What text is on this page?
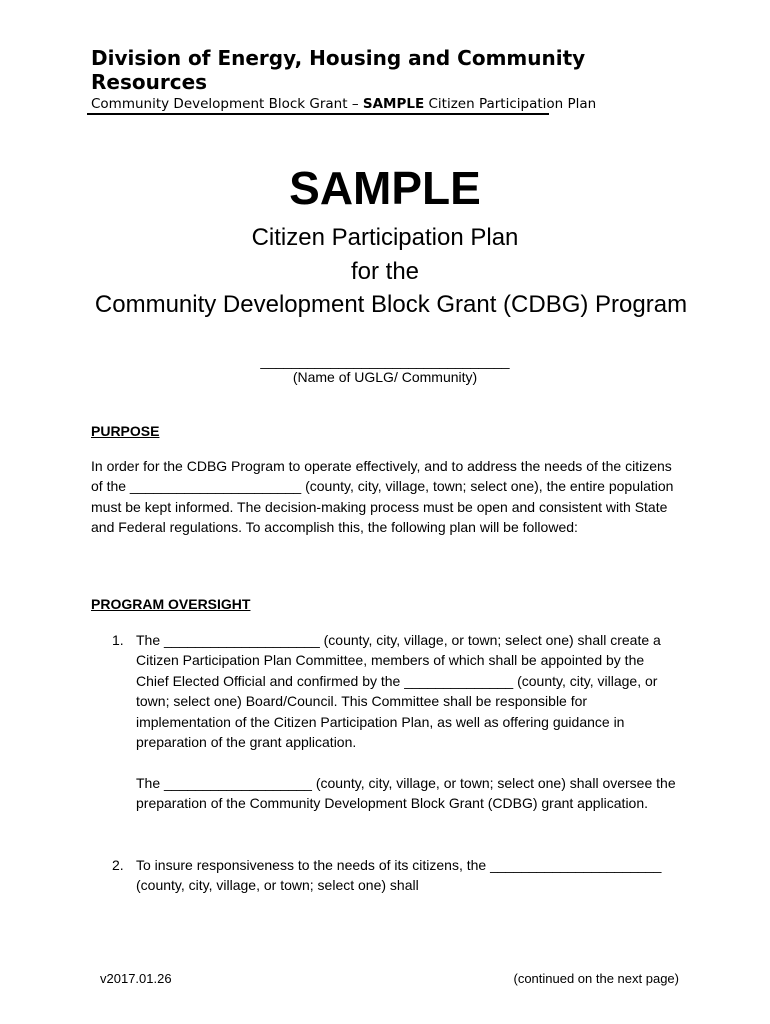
Division of Energy, Housing and Community Resources
Community Development Block Grant – SAMPLE Citizen Participation Plan
SAMPLE
Citizen Participation Plan
for the
Community Development Block Grant (CDBG) Program
________________________________
(Name of UGLG/ Community)
PURPOSE
In order for the CDBG Program to operate effectively, and to address the needs of the citizens of the ______________________ (county, city, village, town; select one), the entire population must be kept informed. The decision-making process must be open and consistent with State and Federal regulations. To accomplish this, the following plan will be followed:
PROGRAM OVERSIGHT
1. The ____________________ (county, city, village, or town; select one) shall create a Citizen Participation Plan Committee, members of which shall be appointed by the Chief Elected Official and confirmed by the ______________ (county, city, village, or town; select one) Board/Council. This Committee shall be responsible for implementation of the Citizen Participation Plan, as well as offering guidance in preparation of the grant application.
The ___________________ (county, city, village, or town; select one) shall oversee the preparation of the Community Development Block Grant (CDBG) grant application.
2. To insure responsiveness to the needs of its citizens, the ______________________ (county, city, village, or town; select one) shall
v2017.01.26	(continued on the next page)
